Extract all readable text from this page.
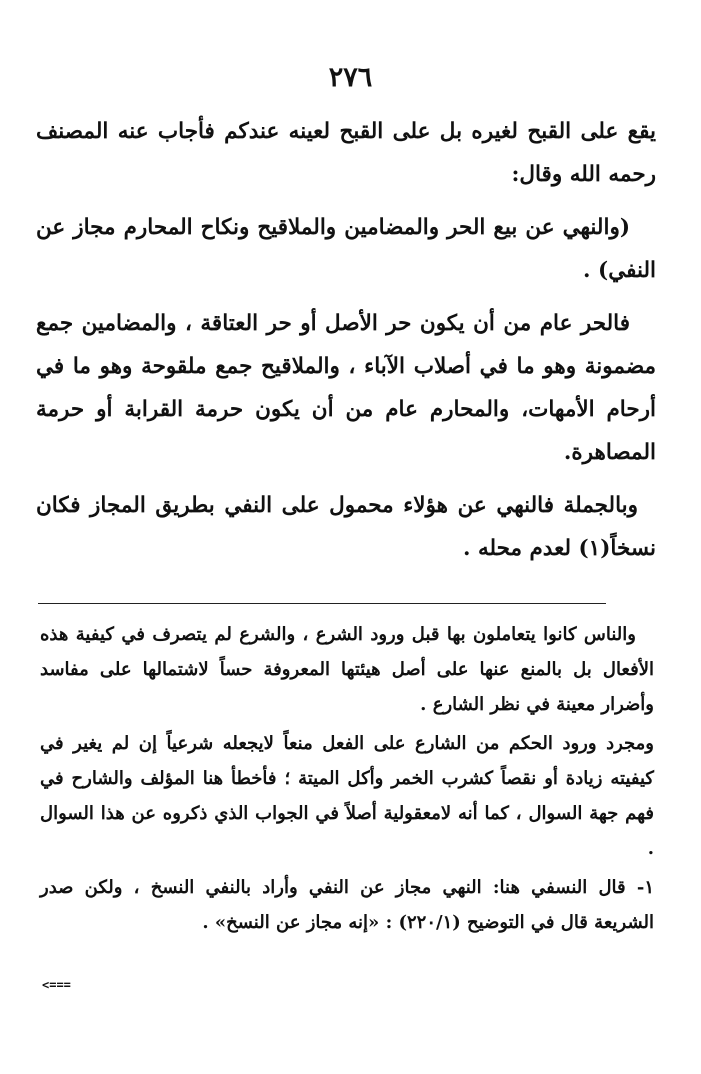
٢٧٦

يقع على القبح لغيره بل على القبح لعينه عندكم فأجاب عنه المصنف رحمه الله وقال:

(والنهي عن بيع الحر والمضامين والملاقيح ونكاح المحارم مجاز عن النفي) .

فالحر عام من أن يكون حر الأصل أو حر العتاقة ، والمضامين جمع مضمونة وهو ما في أصلاب الآباء ، والملاقيح جمع ملقوحة وهو ما في أرحام الأمهات، والمحارم عام من أن يكون حرمة القرابة أو حرمة المصاهرة.

وبالجملة فالنهي عن هؤلاء محمول على النفي بطريق المجاز فكان نسخاً(١) لعدم محله .

والناس كانوا يتعاملون بها قبل ورود الشرع ، والشرع لم يتصرف في كيفية هذه الأفعال بل بالمنع عنها على أصل هيئتها المعروفة حساً لاشتمالها على مفاسد وأضرار معينة في نظر الشارع .

ومجرد ورود الحكم من الشارع على الفعل منعاً لايجعله شرعياً إن لم يغير في كيفيته زيادة أو نقصاً كشرب الخمر وأكل الميتة ؛ فأخطأ هنا المؤلف والشارح في فهم جهة السوال ، كما أنه لامعقولية أصلاً في الجواب الذي ذكروه عن هذا السوال .

١- قال النسفي هنا: النهي مجاز عن النفي وأراد بالنفي النسخ ، ولكن صدر الشريعة قال في التوضيح (٢٢٠/١) : «إنه مجاز عن النسخ» .

<===
